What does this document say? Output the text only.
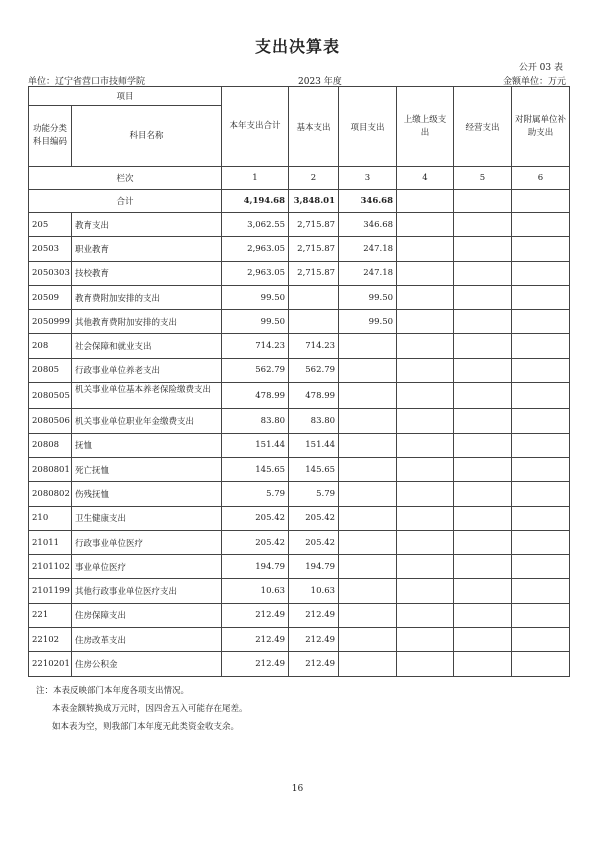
支出决算表
公开 03 表
单位：辽宁省营口市技师学院	2023 年度	金额单位：万元
项目		本年支出合计	基本支出	项目支出	上缴上级支出	经营支出	对附属单位补助支出
功能分类科目编码	科目名称						
栏次		1	2	3	4	5	6
合计		4,194.68	3,848.01	346.68			
205	教育支出	3,062.55	2,715.87	346.68			
20503	职业教育	2,963.05	2,715.87	247.18			
2050303	技校教育	2,963.05	2,715.87	247.18			
20509	教育费附加安排的支出	99.50		99.50			
2050999	其他教育费附加安排的支出	99.50		99.50			
208	社会保障和就业支出	714.23	714.23				
20805	行政事业单位养老支出	562.79	562.79				
2080505	机关事业单位基本养老保险缴费支出	478.99	478.99				
2080506	机关事业单位职业年金缴费支出	83.80	83.80				
20808	抚恤	151.44	151.44				
2080801	死亡抚恤	145.65	145.65				
2080802	伤残抚恤	5.79	5.79				
210	卫生健康支出	205.42	205.42				
21011	行政事业单位医疗	205.42	205.42				
2101102	事业单位医疗	194.79	194.79				
2101199	其他行政事业单位医疗支出	10.63	10.63				
221	住房保障支出	212.49	212.49				
22102	住房改革支出	212.49	212.49				
2210201	住房公积金	212.49	212.49				
注：本表反映部门本年度各项支出情况。
本表金额转换成万元时，因四舍五入可能存在尾差。
如本表为空，则我部门本年度无此类资金收支余。
16
